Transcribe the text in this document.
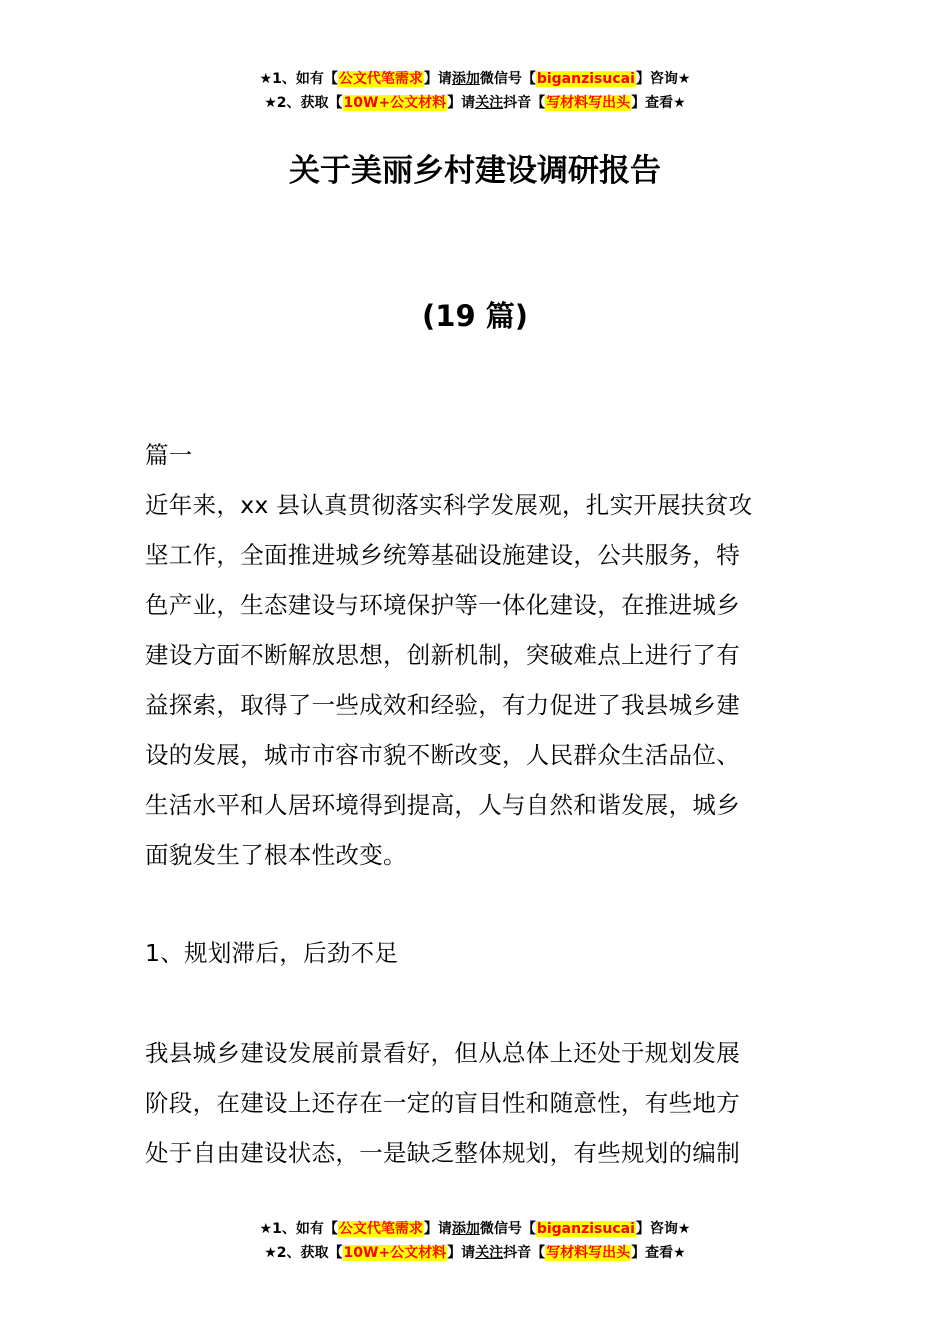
★1、如有【公文代笔需求】请添加微信号【biganzisucai】咨询★
★2、获取【10W+公文材料】请关注抖音【写材料写出头】查看★
关于美丽乡村建设调研报告
(19 篇)

篇一

近年来，xx 县认真贯彻落实科学发展观，扎实开展扶贫攻

坚工作，全面推进城乡统筹基础设施建设，公共服务，特

色产业，生态建设与环境保护等一体化建设，在推进城乡

建设方面不断解放思想，创新机制，突破难点上进行了有

益探索，取得了一些成效和经验，有力促进了我县城乡建

设的发展，城市市容市貌不断改变，人民群众生活品位、

生活水平和人居环境得到提高，人与自然和谐发展，城乡

面貌发生了根本性改变。

1、规划滞后，后劲不足

我县城乡建设发展前景看好，但从总体上还处于规划发展

阶段，在建设上还存在一定的盲目性和随意性，有些地方

处于自由建设状态，一是缺乏整体规划，有些规划的编制

★1、如有【公文代笔需求】请添加微信号【biganzisucai】咨询★
★2、获取【10W+公文材料】请关注抖音【写材料写出头】查看★
